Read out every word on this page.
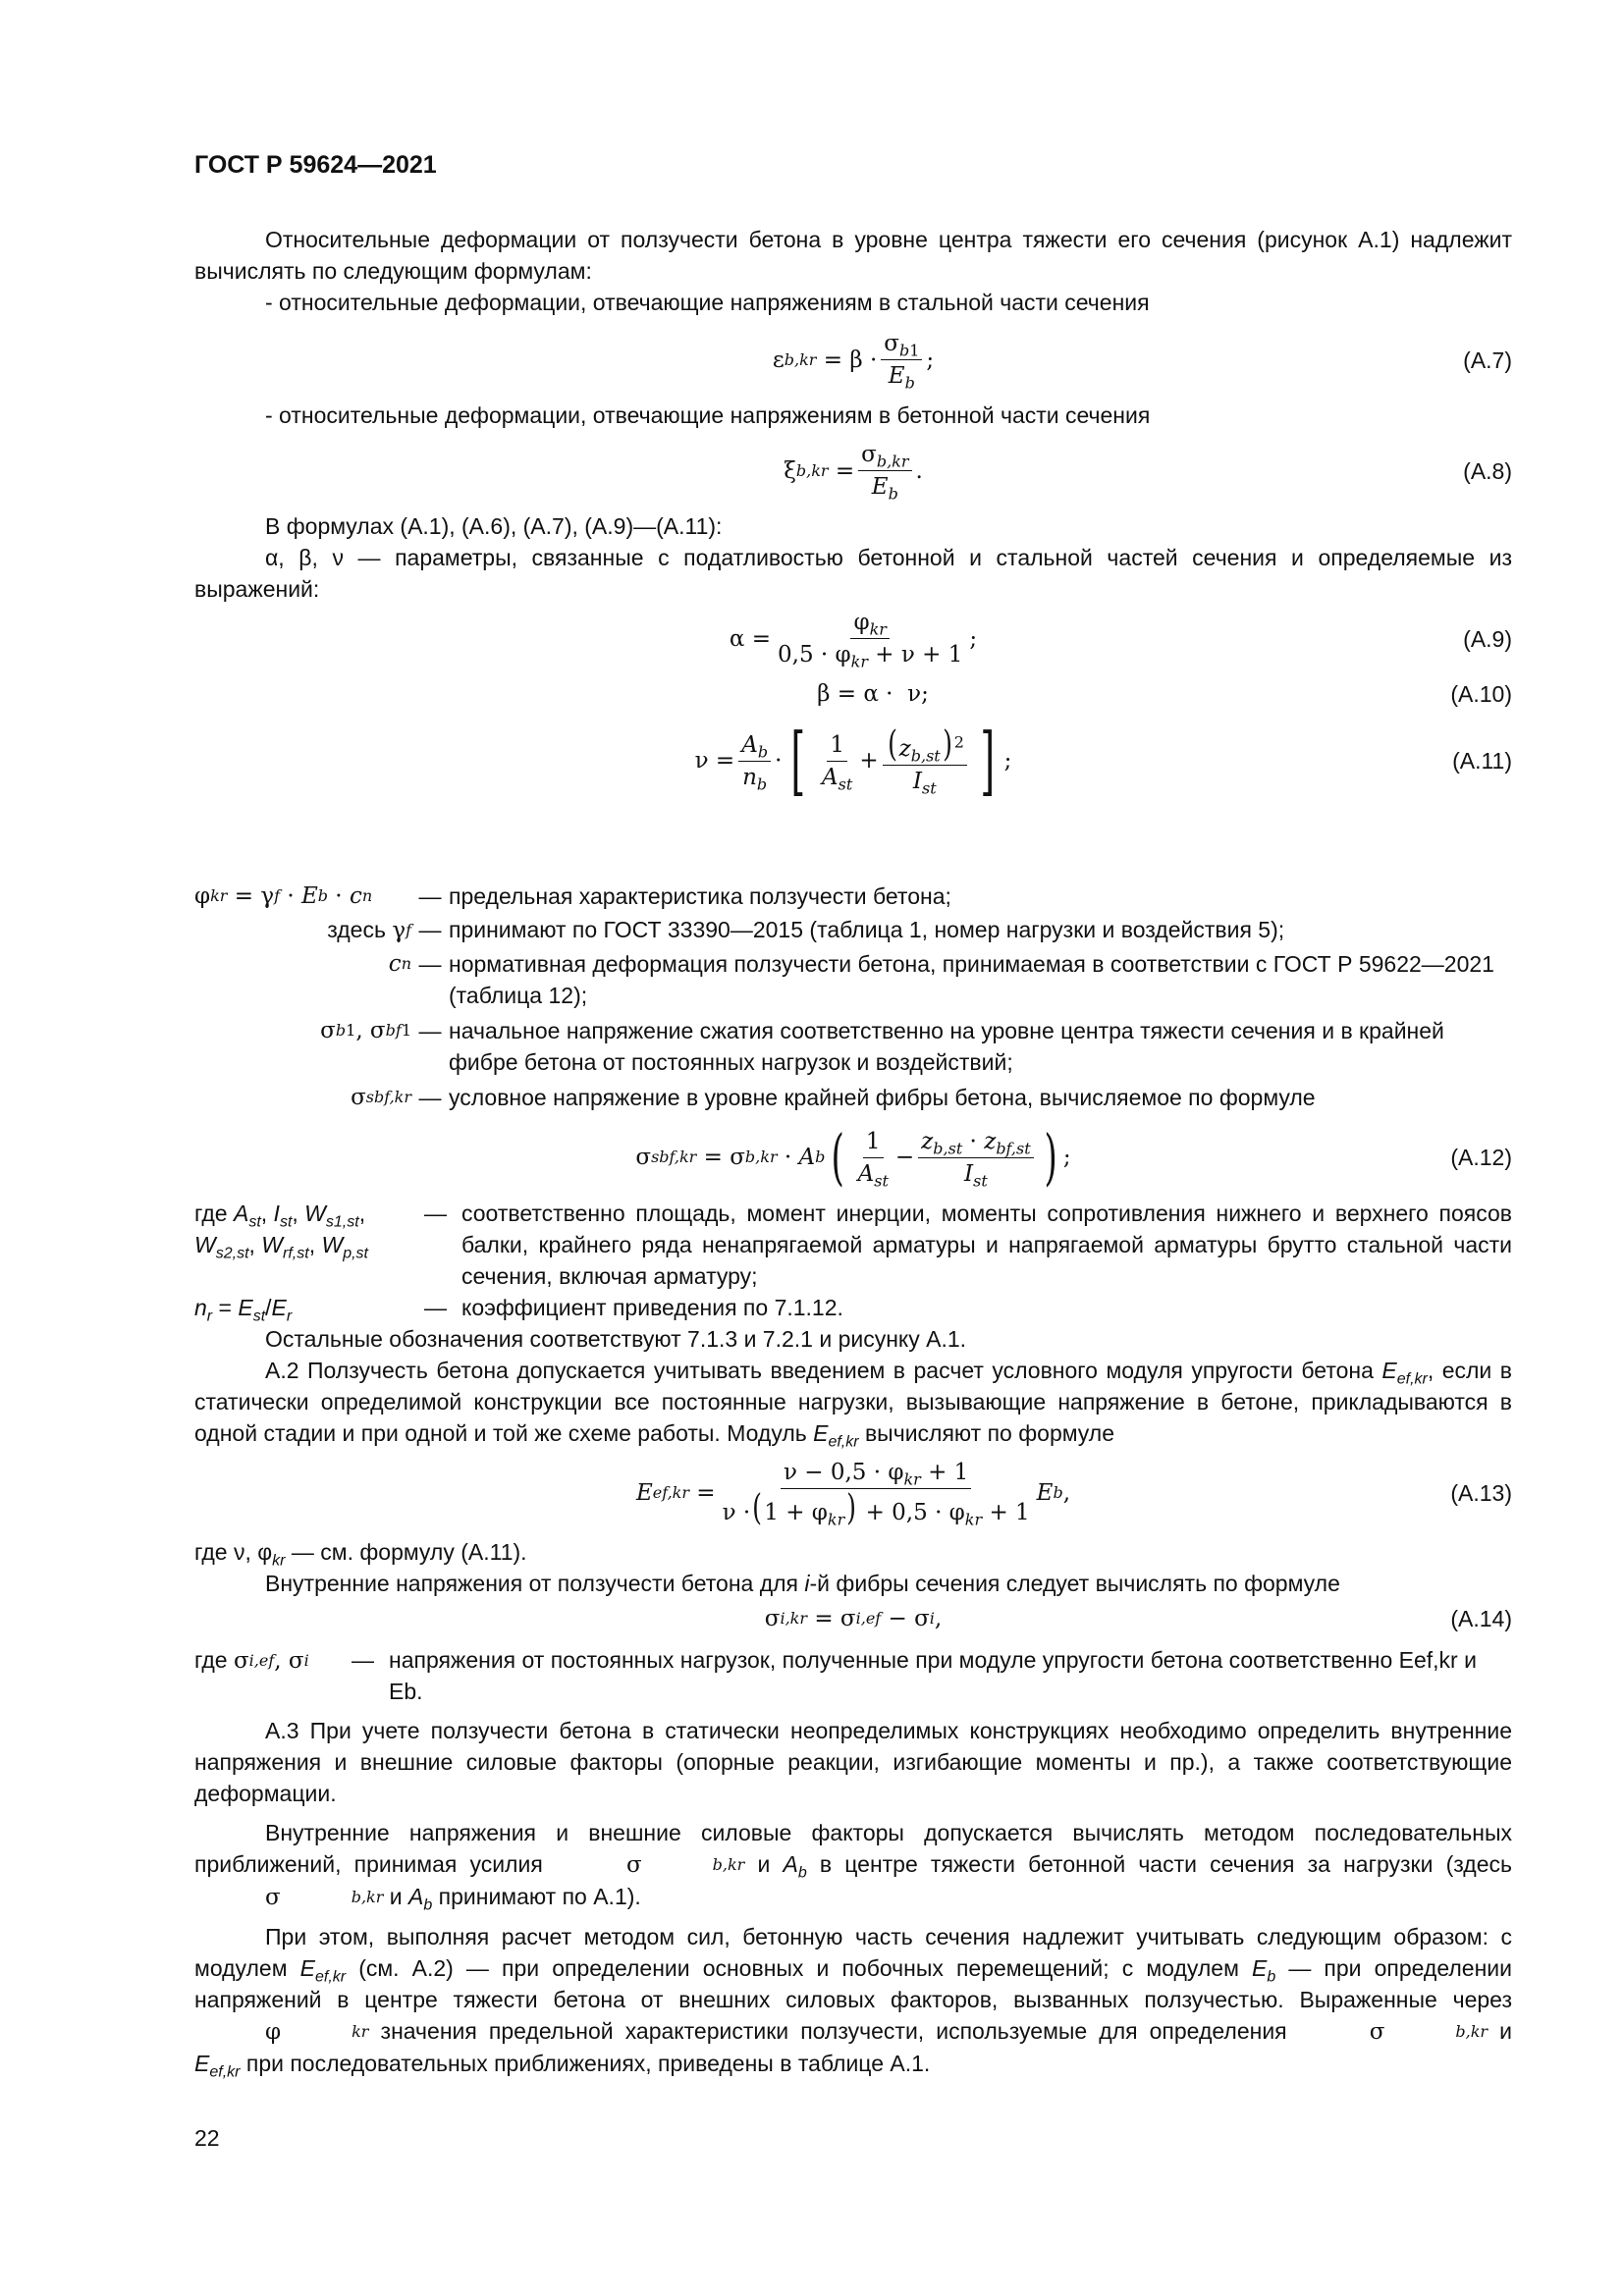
ГОСТ Р 59624—2021

Относительные деформации от ползучести бетона в уровне центра тяжести его сечения (рисунок А.1) надлежит вычислять по следующим формулам:

- относительные деформации, отвечающие напряжениям в стальной части сечения

ε $b,kr = \beta \cdot \frac{\sigma_{b1}}{E_b}$ ;	(А.7)

- относительные деформации, отвечающие напряжениям в бетонной части сечения

ξ $b,kr = \frac{\sigma_{b,kr}}{E_b}$ .	(А.8)

В формулах (А.1), (А.6), (А.7), (А.9)—(А.11):

α, β, ν — параметры, связанные с податливостью бетонной и стальной частей сечения и определяемые из выражений:

$\alpha = \frac{\varphi_{kr}}{0,5 \cdot \varphi_{kr} + \nu + 1}$ ;	(А.9)
β = α ·  ν;	(А.10)
$\nu = \frac{A_b}{n_b}$ · [ $\frac{1}{A_{st}} + \frac{(z_{b,st}) ^2}{I_{st}}$ ] ;	(А.11)
φ kr = γ f · E b · c n	— предельная характеристика ползучести бетона;
здесь γ f — принимают по ГОСТ 33390—2015 (таблица 1, номер нагрузки и воздействия 5);
c n — нормативная деформация ползучести бетона, принимаемая в соответствии с ГОСТ Р 59622—2021 (таблица 12);
σ b1 , σ bf1 — начальное напряжение сжатия соответственно на уровне центра тяжести сечения и в крайней фибре бетона от постоянных нагрузок и воздействий;
σ sbf,kr — условное напряжение в уровне крайней фибры бетона, вычисляемое по формуле
σ sbf,kr = σ b,kr · A b ( $\frac{1}{A_{st}} - \frac{z_{b,st} \cdot z_{bf,st}}{I_{st}}$ ) ;	(А.12)
где $A_{st}$, $I_{st}$, $W_{s1,st}$,
$W_{s2,st}$, $W_{rf,st}$, $W_{p,st}$
— соответственно площадь, момент инерции, моменты сопротивления нижнего и верхнего поясов балки, крайнего ряда ненапрягаемой арматуры и напрягаемой арматуры брутто стальной части сечения, включая арматуру;
$n_r = E_{st}/E_r$	— коэффициент приведения по 7.1.12.

Остальные обозначения соответствуют 7.1.3 и 7.2.1 и рисунку А.1.

А.2 Ползучесть бетона допускается учитывать введением в расчет условного модуля упругости бетона $E_{ef,kr}$, если в статически определимой конструкции все постоянные нагрузки, вызывающие напряжение в бетоне, прикладываются в одной стадии и при одной и той же схеме работы. Модуль $E_{ef,kr}$ вычисляют по формуле

E $ef,kr = \frac{\nu - 0,5 \cdot \varphi_{kr} + 1}{\nu \cdot(1 + \varphi_{kr}) + 0,5 \cdot \varphi_{kr} + 1}$ E b ,	(А.13)

где ν, $\varphi_{kr}$ — см. формулу (А.11).

Внутренние напряжения от ползучести бетона для i-й фибры сечения следует вычислять по формуле

σ i,kr = σ i,ef − σ i ,	(А.14)
где σ i,ef , σ i — напряжения от постоянных нагрузок, полученные при модуле упругости бетона соответственно Eef,kr и Eb.

А.3 При учете ползучести бетона в статически неопределимых конструкциях необходимо определить внутренние напряжения и внешние силовые факторы (опорные реакции, изгибающие моменты и пр.), а также соответствующие деформации.

Внутренние напряжения и внешние силовые факторы допускается вычислять методом последовательных приближений, принимая усилия	σ	b,kr и $A_b$ в центре тяжести бетонной части сечения за нагрузки (здесь σ	b,kr и $A_b$ принимают по А.1).

При этом, выполняя расчет методом сил, бетонную часть сечения надлежит учитывать следующим образом: с модулем $E_{ef,kr}$ (см. А.2) — при определении основных и побочных перемещений; с модулем $E_b$ — при определении напряжений в центре тяжести бетона от внешних силовых факторов, вызванных ползучестью. Выраженные через φ	kr значения предельной характеристики ползучести, используемые для определения	σ	b,kr и $E_{ef,kr}$ при последовательных приближениях, приведены в таблице А.1.

22
